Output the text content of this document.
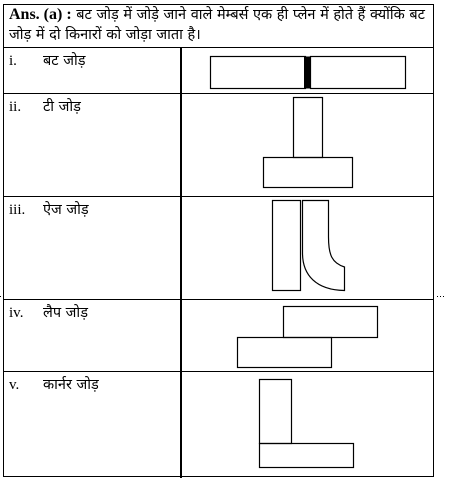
Ans. (a) : बट जोड़ में जोड़े जाने वाले मेम्बर्स एक ही प्लेन में होते हैं क्योंकि बट जोड़ में दो किनारों को जोड़ा जाता है।
i. बट जोड़
ii. टी जोड़
iii. ऐज जोड़
iv. लैप जोड़
v. कार्नर जोड़
